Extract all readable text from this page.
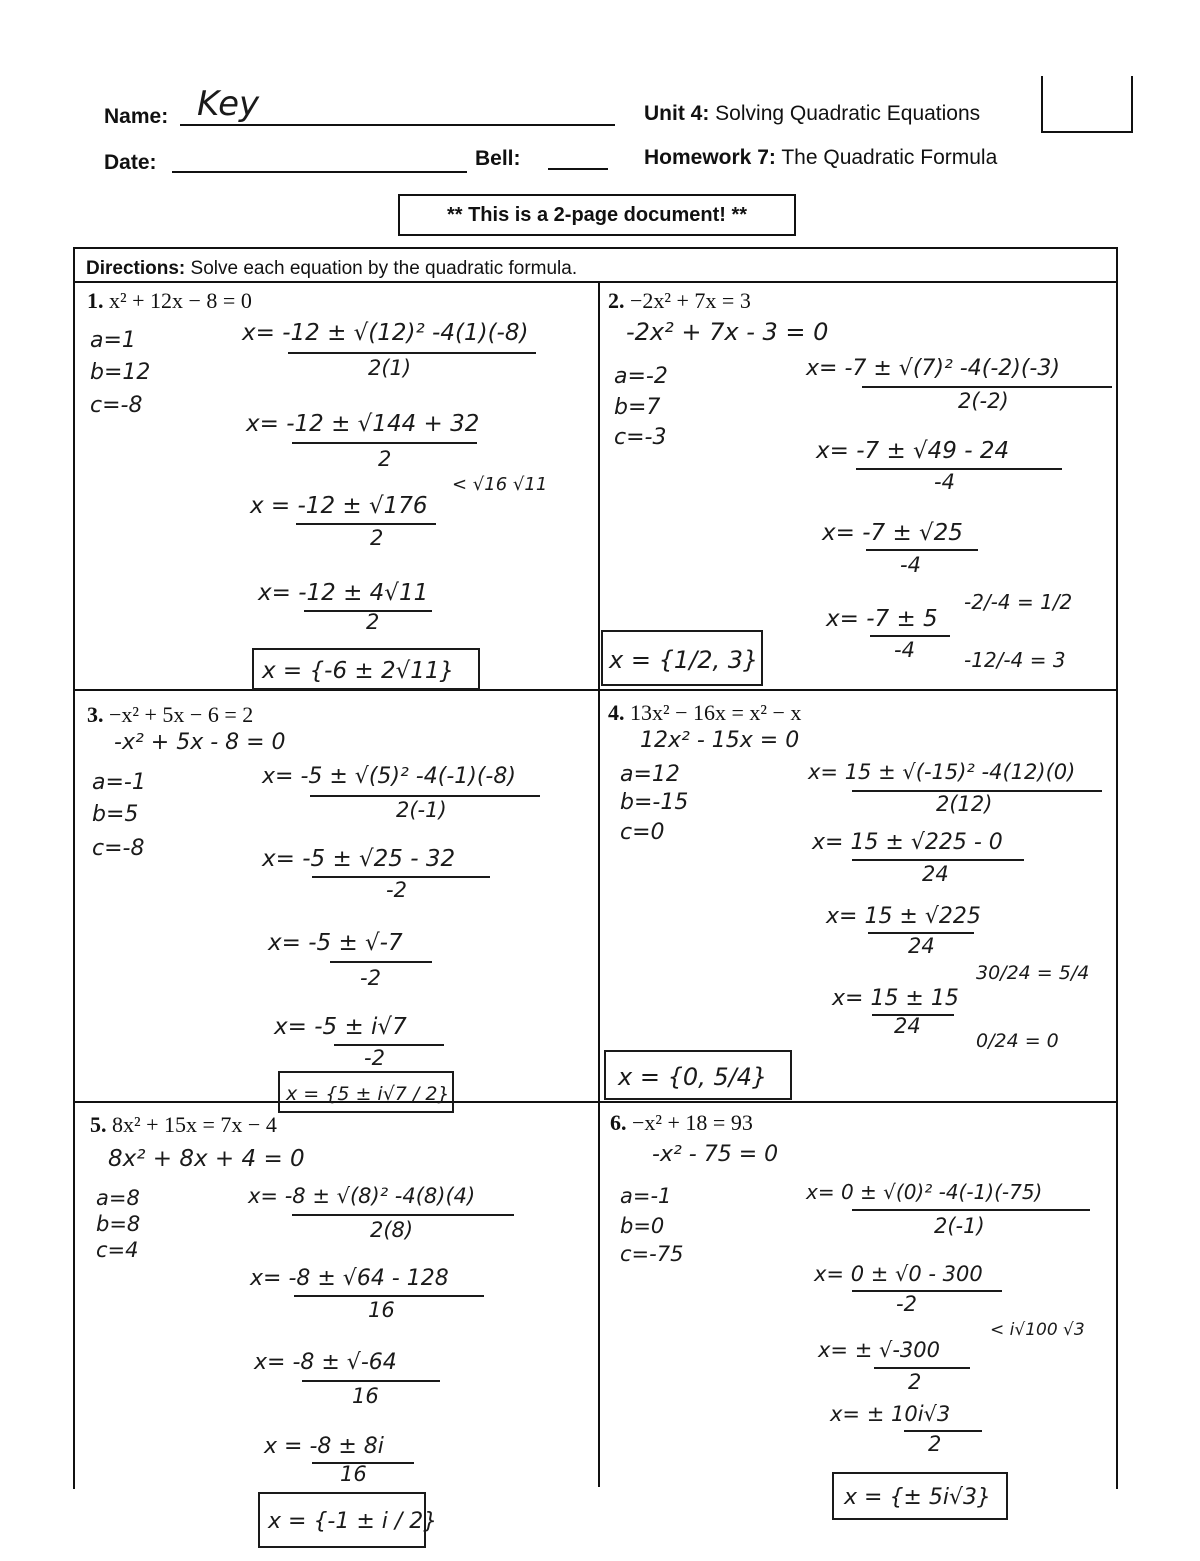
Name: Key
Date:	Bell:
Unit 4: Solving Quadratic Equations
Homework 7: The Quadratic Formula
** This is a 2-page document! **
Directions: Solve each equation by the quadratic formula.
1. x² + 12x − 8 = 0
a=1
b=12
c=-8
x= -12 ± √(12)² -4(1)(-8)
2(1)
x= -12 ± √144 + 32
2
x = -12 ± √176
2
< √16 √11
x= -12 ± 4√11
2
x = {-6 ± 2√11}
2. −2x² + 7x = 3
-2x² + 7x - 3 = 0
a=-2
b=7
c=-3
x= -7 ± √(7)² -4(-2)(-3)
2(-2)
x= -7 ± √49 - 24
-4
x= -7 ± √25
-4
x= -7 ± 5
-4
-2/-4 = 1/2
-12/-4 = 3
x = {1/2, 3}
3. −x² + 5x − 6 = 2
-x² + 5x - 8 = 0
a=-1
b=5
c=-8
x= -5 ± √(5)² -4(-1)(-8)
2(-1)
x= -5 ± √25 - 32
-2
x= -5 ± √-7
-2
x= -5 ± i√7
-2
x = {5 ± i√7 / 2}
4. 13x² − 16x = x² − x
12x² - 15x = 0
a=12
b=-15
c=0
x= 15 ± √(-15)² -4(12)(0)
2(12)
x= 15 ± √225 - 0
24
x= 15 ± √225
24
x= 15 ± 15
24
30/24 = 5/4
0/24 = 0
x = {0, 5/4}
5. 8x² + 15x = 7x − 4
8x² + 8x + 4 = 0
a=8
b=8
c=4
x= -8 ± √(8)² -4(8)(4)
2(8)
x= -8 ± √64 - 128
16
x= -8 ± √-64
16
x = -8 ± 8i
16
x = {-1 ± i / 2}
6. −x² + 18 = 93
-x² - 75 = 0
a=-1
b=0
c=-75
x= 0 ± √(0)² -4(-1)(-75)
2(-1)
x= 0 ± √0 - 300
-2
x= ± √-300
2
< i√100 √3
x= ± 10i√3
2
x = {± 5i√3}
